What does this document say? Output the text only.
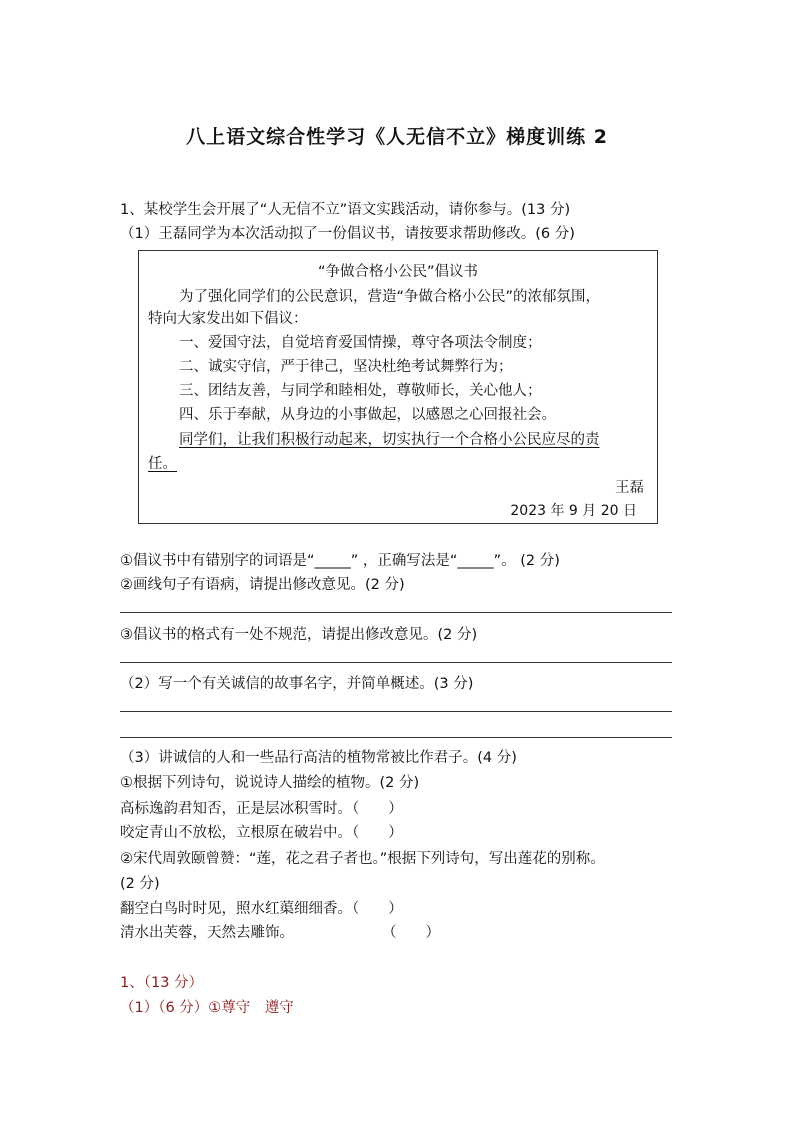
八上语文综合性学习《人无信不立》梯度训练 2
1、某校学生会开展了“人无信不立”语文实践活动，请你参与。(13 分)
（1）王磊同学为本次活动拟了一份倡议书，请按要求帮助修改。(6 分)
“争做合格小公民”倡议书
为了强化同学们的公民意识，营造“争做合格小公民”的浓郁氛围，
特向大家发出如下倡议：
一、爱国守法，自觉培育爱国情操，尊守各项法令制度；
二、诚实守信，严于律己，坚决杜绝考试舞弊行为；
三、团结友善，与同学和睦相处，尊敬师长，关心他人；
四、乐于奉献，从身边的小事做起，以感恩之心回报社会。
同学们，让我们积极行动起来，切实执行一个合格小公民应尽的责
任。
王磊
2023 年 9 月 20 日
①倡议书中有错别字的词语是“_____” ，正确写法是“_____”。 (2 分)
②画线句子有语病，请提出修改意见。(2 分)
③倡议书的格式有一处不规范，请提出修改意见。(2 分)
（2）写一个有关诚信的故事名字，并简单概述。(3 分)
（3）讲诚信的人和一些品行高洁的植物常被比作君子。(4 分)
①根据下列诗句，说说诗人描绘的植物。(2 分)
高标逸韵君知否，正是层冰积雪时。（　　）
咬定青山不放松，立根原在破岩中。（　　）
②宋代周敦颐曾赞：“莲，花之君子者也。”根据下列诗句，写出莲花的别称。
(2 分)
翻空白鸟时时见，照水红蕖细细香。（　　）
清水出芙蓉，天然去雕饰。	（　　）
1、（13 分）
（1）（6 分）①尊守　遵守
